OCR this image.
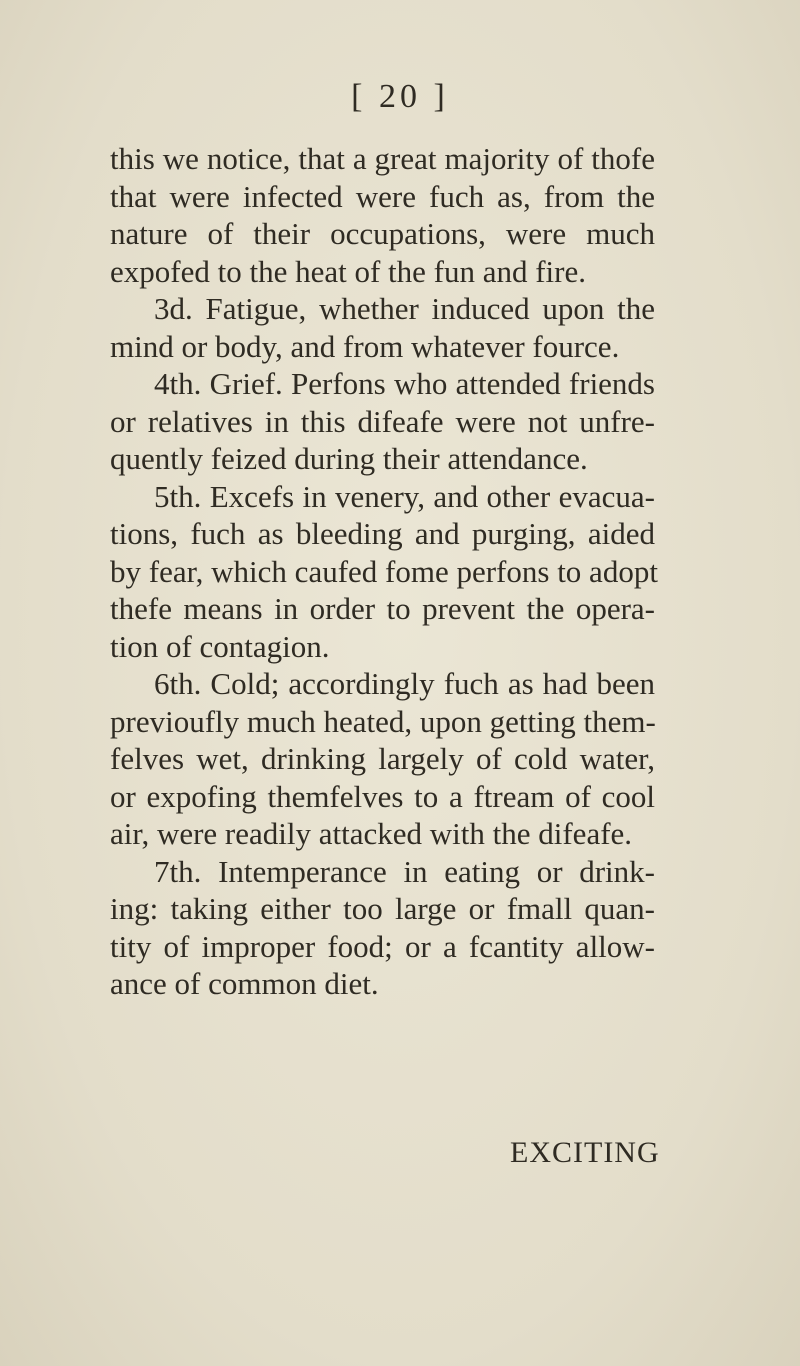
[ 20 ]
this we notice, that a great majority of thofe
that were infected were fuch as, from the
nature of their occupations, were much
expofed to the heat of the fun and fire.
3d. Fatigue, whether induced upon the
mind or body, and from whatever fource.
4th. Grief. Perfons who attended friends
or relatives in this difeafe were not unfre-
quently feized during their attendance.
5th. Excefs in venery, and other evacua-
tions, fuch as bleeding and purging, aided
by fear, which caufed fome perfons to adopt
thefe means in order to prevent the opera-
tion of contagion.
6th. Cold; accordingly fuch as had been
previoufly much heated, upon getting them-
felves wet, drinking largely of cold water,
or expofing themfelves to a ftream of cool
air, were readily attacked with the difeafe.
7th. Intemperance in eating or drink-
ing: taking either too large or fmall quan-
tity of improper food; or a fcantity allow-
ance of common diet.
EXCITING
